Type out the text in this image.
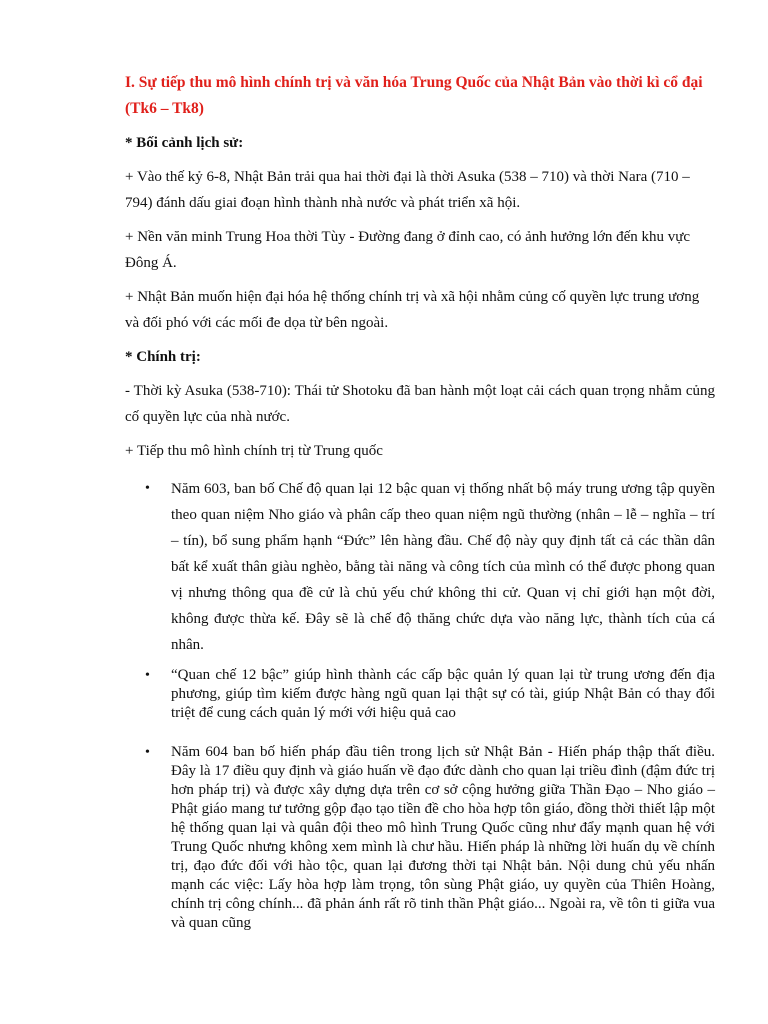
I. Sự tiếp thu mô hình chính trị và văn hóa Trung Quốc của Nhật Bản vào thời kì cổ đại (Tk6 – Tk8)

* Bối cảnh lịch sử:

+ Vào thế kỷ 6-8, Nhật Bản trải qua hai thời đại là thời Asuka (538 – 710) và thời Nara (710 – 794) đánh dấu giai đoạn hình thành nhà nước và phát triển xã hội.

+ Nền văn minh Trung Hoa thời Tùy - Đường đang ở đỉnh cao, có ảnh hưởng lớn đến khu vực Đông Á.

+ Nhật Bản muốn hiện đại hóa hệ thống chính trị và xã hội nhằm củng cố quyền lực trung ương và đối phó với các mối đe dọa từ bên ngoài.

* Chính trị:

- Thời kỳ Asuka (538-710): Thái tử Shotoku đã ban hành một loạt cải cách quan trọng nhằm củng cố quyền lực của nhà nước.

+ Tiếp thu mô hình chính trị từ Trung quốc

• Năm 603, ban bố Chế độ quan lại 12 bậc quan vị thống nhất bộ máy trung ương tập quyền theo quan niệm Nho giáo và phân cấp theo quan niệm ngũ thường (nhân – lễ – nghĩa – trí – tín), bổ sung phẩm hạnh “Đức” lên hàng đầu. Chế độ này quy định tất cả các thần dân bất kể xuất thân giàu nghèo, bằng tài năng và công tích của mình có thể được phong quan vị nhưng thông qua đề cử là chủ yếu chứ không thi cử. Quan vị chỉ giới hạn một đời, không được thừa kế. Đây sẽ là chế độ thăng chức dựa vào năng lực, thành tích của cá nhân.
• “Quan chế 12 bậc” giúp hình thành các cấp bậc quản lý quan lại từ trung ương đến địa phương, giúp tìm kiếm được hàng ngũ quan lại thật sự có tài, giúp Nhật Bản có thay đổi triệt để cung cách quản lý mới với hiệu quả cao
• Năm 604 ban bố hiến pháp đầu tiên trong lịch sử Nhật Bản - Hiến pháp thập thất điều. Đây là 17 điều quy định và giáo huấn về đạo đức dành cho quan lại triều đình (đậm đức trị hơn pháp trị) và được xây dựng dựa trên cơ sở cộng hưởng giữa Thần Đạo – Nho giáo – Phật giáo mang tư tưởng gộp đạo tạo tiền đề cho hòa hợp tôn giáo, đồng thời thiết lập một hệ thống quan lại và quân đội theo mô hình Trung Quốc cũng như đẩy mạnh quan hệ với Trung Quốc nhưng không xem mình là chư hầu. Hiến pháp là những lời huấn dụ về chính trị, đạo đức đối với hào tộc, quan lại đương thời tại Nhật bản. Nội dung chủ yếu nhấn mạnh các việc: Lấy hòa hợp làm trọng, tôn sùng Phật giáo, uy quyền của Thiên Hoàng, chính trị công chính... đã phản ánh rất rõ tinh thần Phật giáo... Ngoài ra, về tôn ti giữa vua và quan cũng
